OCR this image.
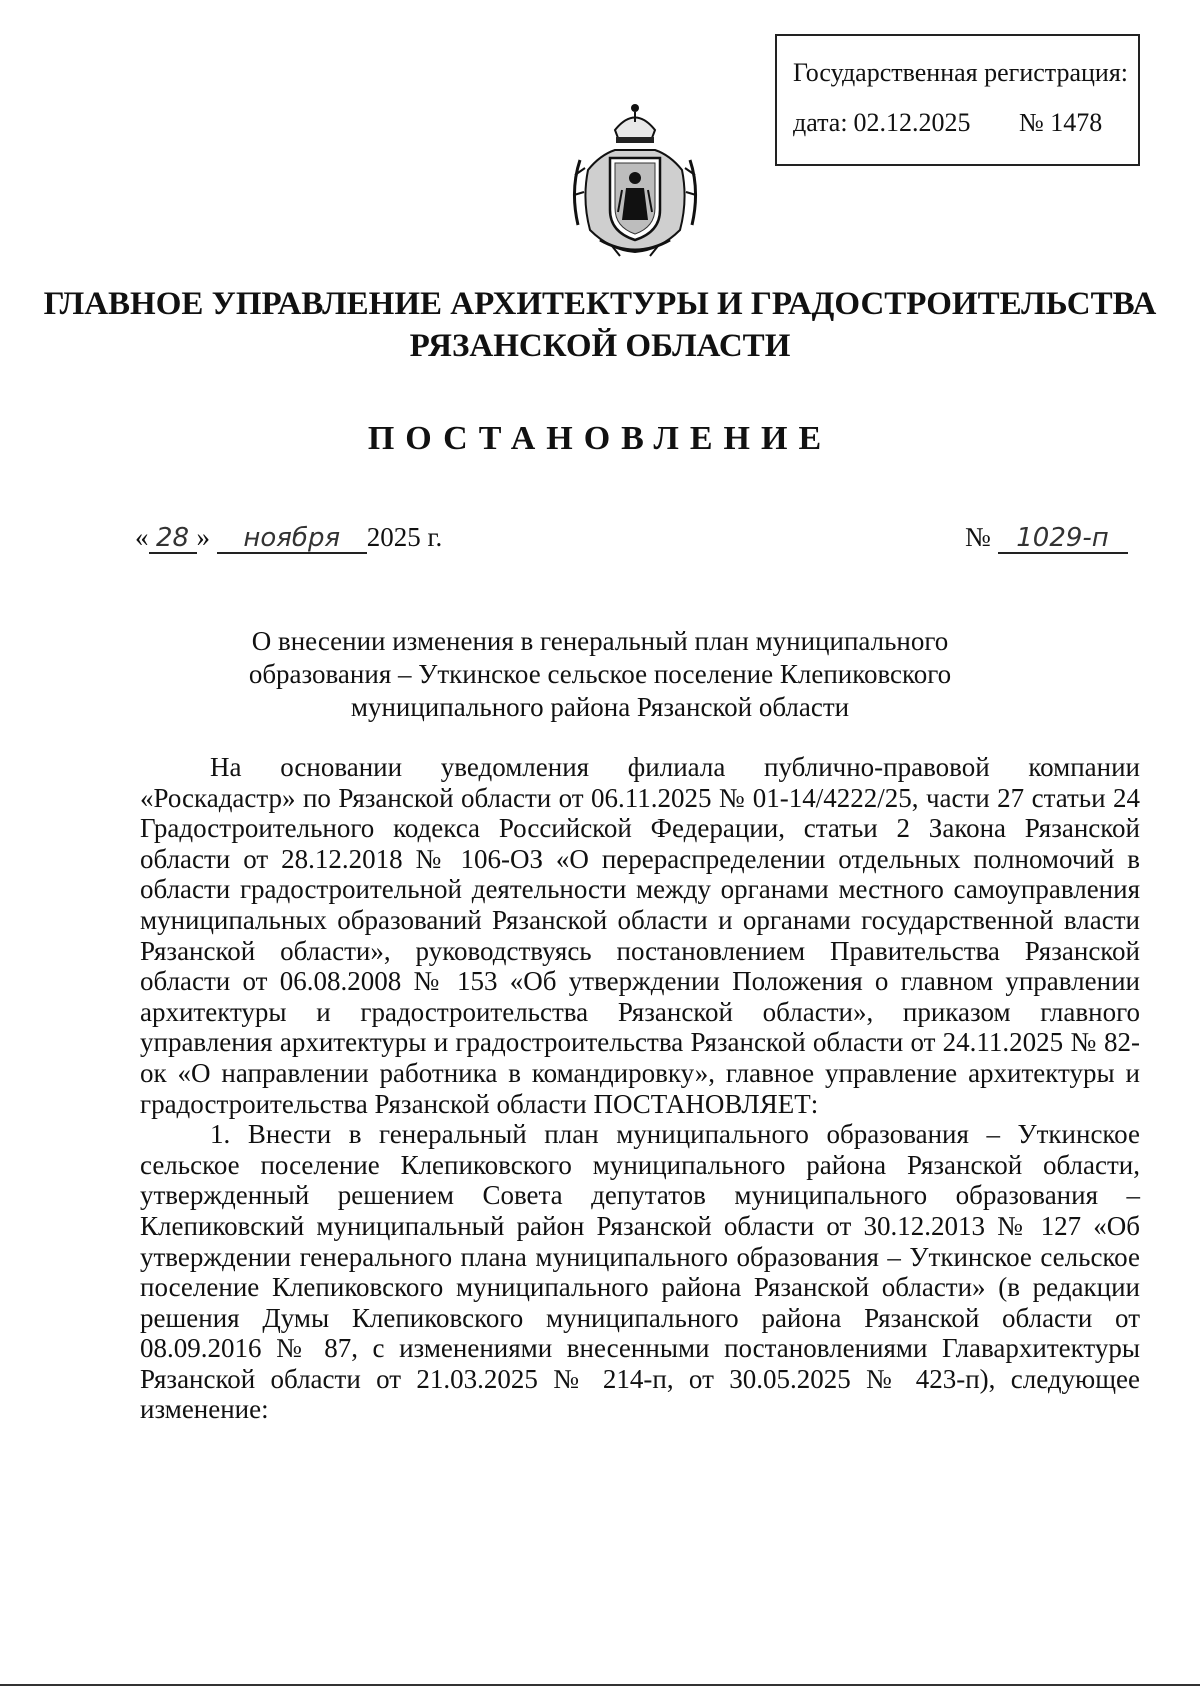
Государственная регистрация:
дата: 02.12.2025 № 1478
ГЛАВНОЕ УПРАВЛЕНИЕ АРХИТЕКТУРЫ И ГРАДОСТРОИТЕЛЬСТВА
РЯЗАНСКОЙ ОБЛАСТИ
ПОСТАНОВЛЕНИЕ
« 28 » ноября 2025 г.	№ 1029-п
О внесении изменения в генеральный план муниципального
образования – Уткинское сельское поселение Клепиковского
муниципального района Рязанской области

На основании уведомления филиала публично-правовой компании «Роскадастр» по Рязанской области от 06.11.2025 № 01-14/4222/25, части 27 статьи 24 Градостроительного кодекса Российской Федерации, статьи 2 Закона Рязанской области от 28.12.2018 № 106-ОЗ «О перераспределении отдельных полномочий в области градостроительной деятельности между органами местного самоуправления муниципальных образований Рязанской области и органами государственной власти Рязанской области», руководствуясь постановлением Правительства Рязанской области от 06.08.2008 № 153 «Об утверждении Положения о главном управлении архитектуры и градостроительства Рязанской области», приказом главного управления архитектуры и градостроительства Рязанской области от 24.11.2025 № 82-ок «О направлении работника в командировку», главное управление архитектуры и градостроительства Рязанской области ПОСТАНОВЛЯЕТ:

1. Внести в генеральный план муниципального образования – Уткинское сельское поселение Клепиковского муниципального района Рязанской области, утвержденный решением Совета депутатов муниципального образования – Клепиковский муниципальный район Рязанской области от 30.12.2013 № 127 «Об утверждении генерального плана муниципального образования – Уткинское сельское поселение Клепиковского муниципального района Рязанской области» (в редакции решения Думы Клепиковского муниципального района Рязанской области от 08.09.2016 № 87, с изменениями внесенными постановлениями Главархитектуры Рязанской области от 21.03.2025 № 214-п, от 30.05.2025 № 423-п), следующее изменение:
